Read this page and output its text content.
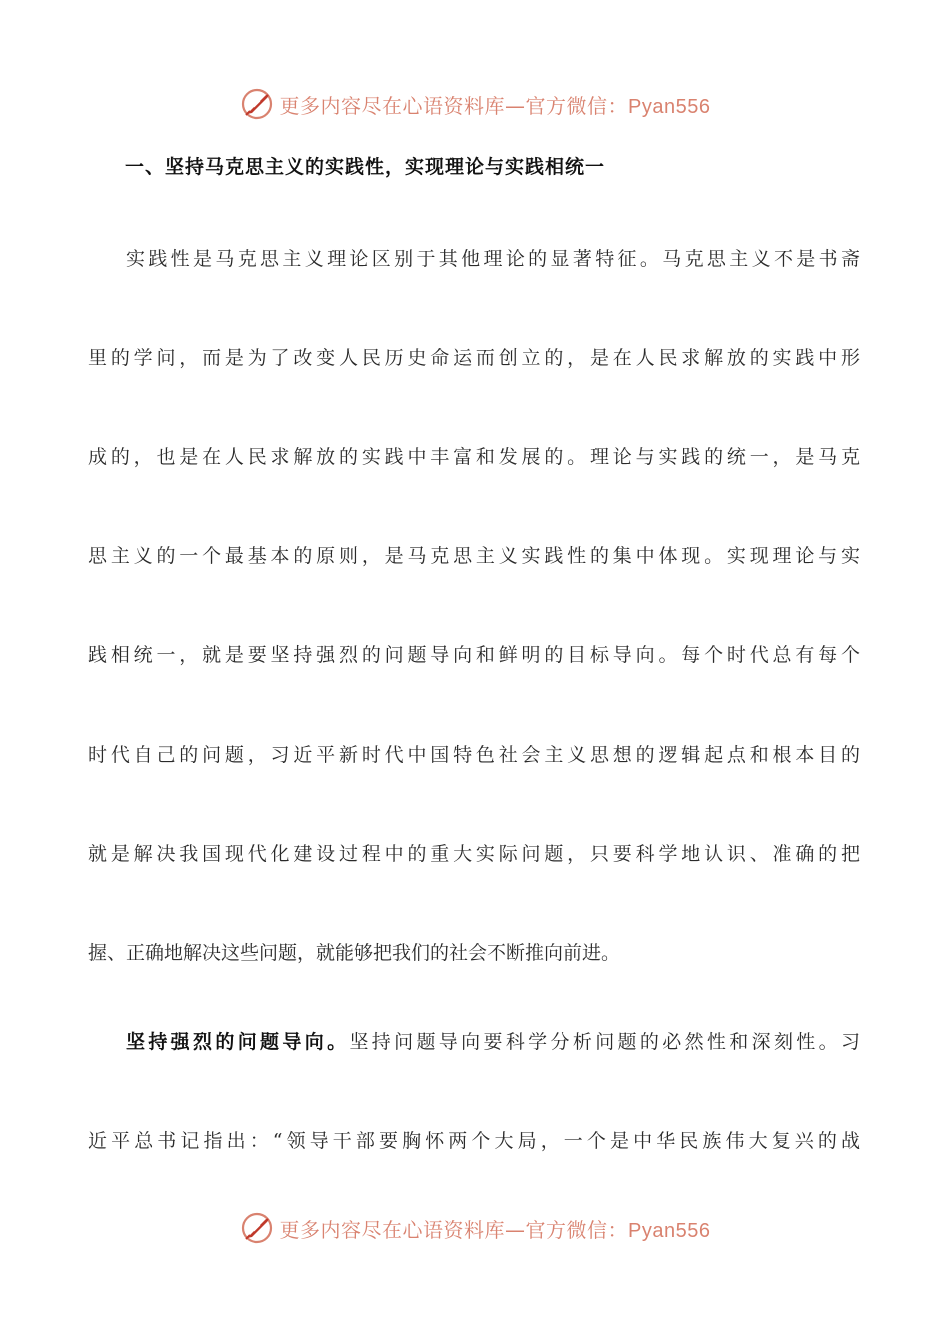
更多内容尽在心语资料库—官方微信：Pyan556
一、坚持马克思主义的实践性，实现理论与实践相统一
实践性是马克思主义理论区别于其他理论的显著特征。马克思主义不是书斋
里的学问，而是为了改变人民历史命运而创立的，是在人民求解放的实践中形
成的，也是在人民求解放的实践中丰富和发展的。理论与实践的统一，是马克
思主义的一个最基本的原则，是马克思主义实践性的集中体现。实现理论与实
践相统一，就是要坚持强烈的问题导向和鲜明的目标导向。每个时代总有每个
时代自己的问题，习近平新时代中国特色社会主义思想的逻辑起点和根本目的
就是解决我国现代化建设过程中的重大实际问题，只要科学地认识、准确的把
握、正确地解决这些问题，就能够把我们的社会不断推向前进。
坚持强烈的问题导向。坚持问题导向要科学分析问题的必然性和深刻性。习
近平总书记指出：“领导干部要胸怀两个大局，一个是中华民族伟大复兴的战
更多内容尽在心语资料库—官方微信：Pyan556
